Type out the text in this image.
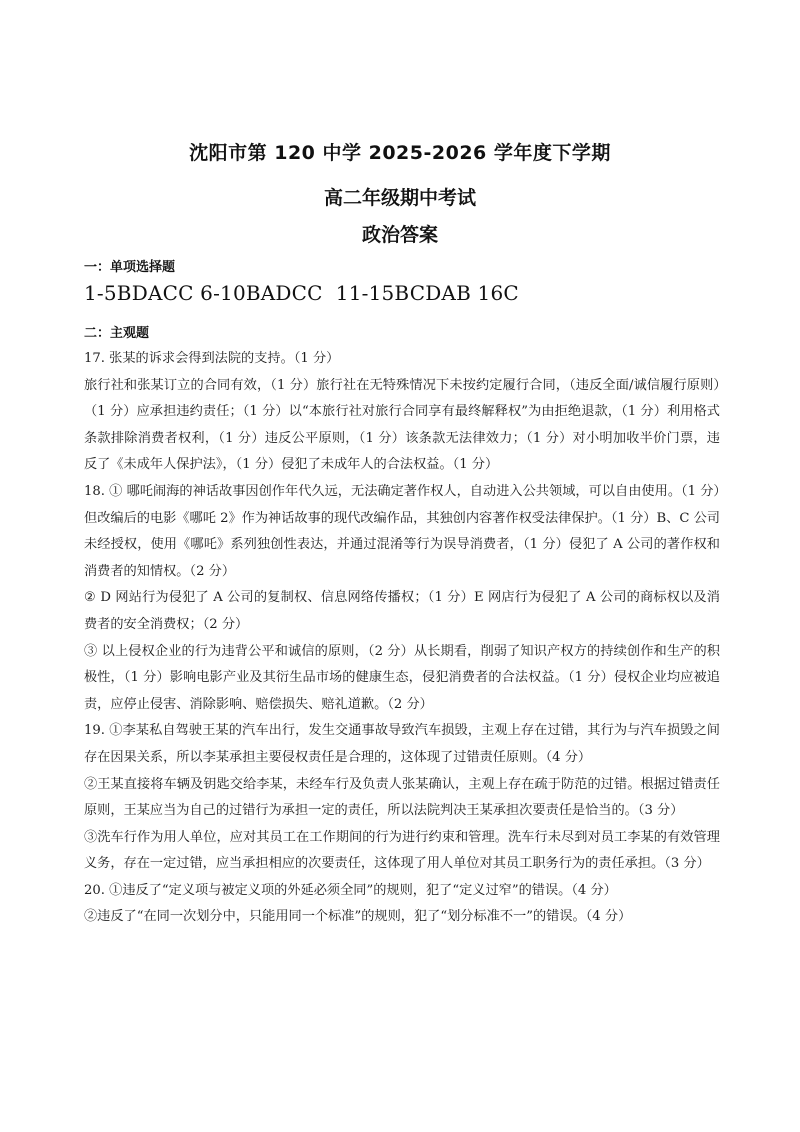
沈阳市第 120 中学 2025-2026 学年度下学期
高二年级期中考试
政治答案
一：单项选择题
1-5BDACC 6-10BADCC  11-15BCDAB 16C
二：主观题

17. 张某的诉求会得到法院的支持。（1 分）

旅行社和张某订立的合同有效，（1 分）旅行社在无特殊情况下未按约定履行合同，（违反全面/诚信履行原则）（1 分）应承担违约责任；（1 分）以“本旅行社对旅行合同享有最终解释权”为由拒绝退款，（1 分）利用格式条款排除消费者权利，（1 分）违反公平原则，（1 分）该条款无法律效力；（1 分）对小明加收半价门票，违反了《未成年人保护法》，（1 分）侵犯了未成年人的合法权益。（1 分）

18. ① 哪吒闹海的神话故事因创作年代久远，无法确定著作权人，自动进入公共领域，可以自由使用。（1 分）但改编后的电影《哪吒 2》作为神话故事的现代改编作品，其独创内容著作权受法律保护。（1 分）B、C 公司未经授权，使用《哪吒》系列独创性表达，并通过混淆等行为误导消费者，（1 分）侵犯了 A 公司的著作权和消费者的知情权。（2 分）

② D 网站行为侵犯了 A 公司的复制权、信息网络传播权；（1 分）E 网店行为侵犯了 A 公司的商标权以及消费者的安全消费权；（2 分）

③ 以上侵权企业的行为违背公平和诚信的原则，（2 分）从长期看，削弱了知识产权方的持续创作和生产的积极性，（1 分）影响电影产业及其衍生品市场的健康生态，侵犯消费者的合法权益。（1 分）侵权企业均应被追责，应停止侵害、消除影响、赔偿损失、赔礼道歉。（2 分）

19. ①李某私自驾驶王某的汽车出行，发生交通事故导致汽车损毁，主观上存在过错，其行为与汽车损毁之间存在因果关系，所以李某承担主要侵权责任是合理的，这体现了过错责任原则。（4 分）

②王某直接将车辆及钥匙交给李某，未经车行及负责人张某确认，主观上存在疏于防范的过错。根据过错责任原则，王某应当为自己的过错行为承担一定的责任，所以法院判决王某承担次要责任是恰当的。（3 分）

③洗车行作为用人单位，应对其员工在工作期间的行为进行约束和管理。洗车行未尽到对员工李某的有效管理义务，存在一定过错，应当承担相应的次要责任，这体现了用人单位对其员工职务行为的责任承担。（3 分）

20. ①违反了“定义项与被定义项的外延必须全同”的规则，犯了“定义过窄”的错误。（4 分）

②违反了“在同一次划分中，只能用同一个标准”的规则，犯了“划分标准不一”的错误。（4 分）
